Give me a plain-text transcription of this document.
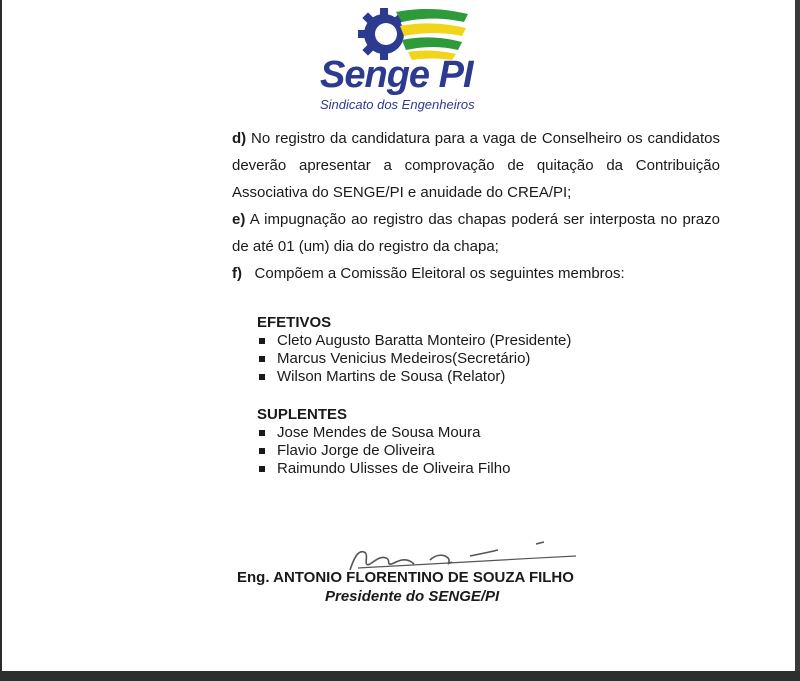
Senge PI
Sindicato dos Engenheiros

d) No registro da candidatura para a vaga de Conselheiro os candidatos deverão apresentar a comprovação de quitação da Contribuição Associativa do SENGE/PI e anuidade do CREA/PI;

e) A impugnação ao registro das chapas poderá ser interposta no prazo de até 01 (um) dia do registro da chapa;

f) Compõem a Comissão Eleitoral os seguintes membros:

EFETIVOS
Cleto Augusto Baratta Monteiro (Presidente)
Marcus Venicius Medeiros(Secretário)
Wilson Martins de Sousa (Relator)
SUPLENTES
Jose Mendes de Sousa Moura
Flavio Jorge de Oliveira
Raimundo Ulisses de Oliveira Filho
Eng. ANTONIO FLORENTINO DE SOUZA FILHO
Presidente do SENGE/PI
